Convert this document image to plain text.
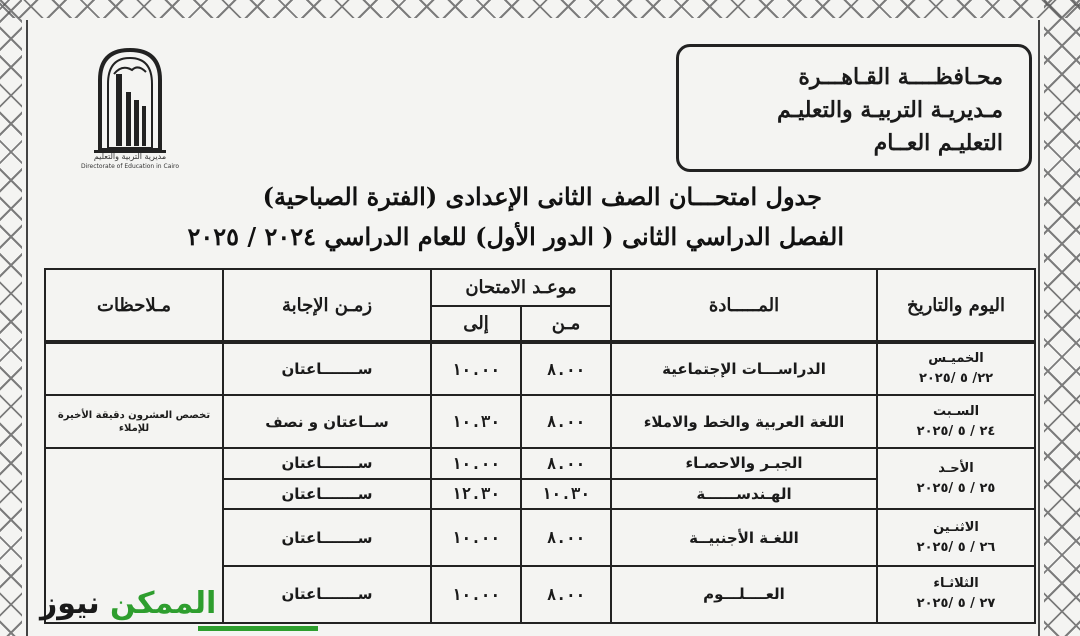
محـافظــــة القـاهـــرة
مـديريـة التربيـة والتعليـم
التعليـم العــام
مديرية التربية والتعليم
Directorate of Education in Cairo
جدول امتحـــان الصف الثانى الإعدادى (الفترة الصباحية)
الفصل الدراسي الثانى ( الدور الأول) للعام الدراسي ٢٠٢٤ / ٢٠٢٥
اليوم والتاريخ	المـــــادة	موعـد الامتحان		زمـن الإجابة	مـلاحظات
		مـن	إلى		

الخميـس
٢٢/ ٥ /٢٠٢٥	الدراســـات الإجتماعية	٨.٠٠	١٠.٠٠	ســـــــاعتان	

السـبت
٢٤ / ٥ /٢٠٢٥	اللغة العربية والخط والاملاء	٨.٠٠	١٠.٣٠	ســاعتان و نصف	تخصص العشرون دقيقة الأخيرة للإملاء

الأحـد
٢٥ / ٥ /٢٠٢٥	الجبـر والاحصـاء	٨.٠٠	١٠.٠٠	ســـــــاعتان	
	الهـندســــــة	١٠.٣٠	١٢.٣٠	ســـــــاعتان	

الاثنـين
٢٦ / ٥ /٢٠٢٥	اللغـة الأجنبيــة	٨.٠٠	١٠.٠٠	ســـــــاعتان	

الثلاثـاء
٢٧ / ٥ /٢٠٢٥	العــــلـــوم	٨.٠٠	١٠.٠٠	ســـــــاعتان	
الممكن نيوز
